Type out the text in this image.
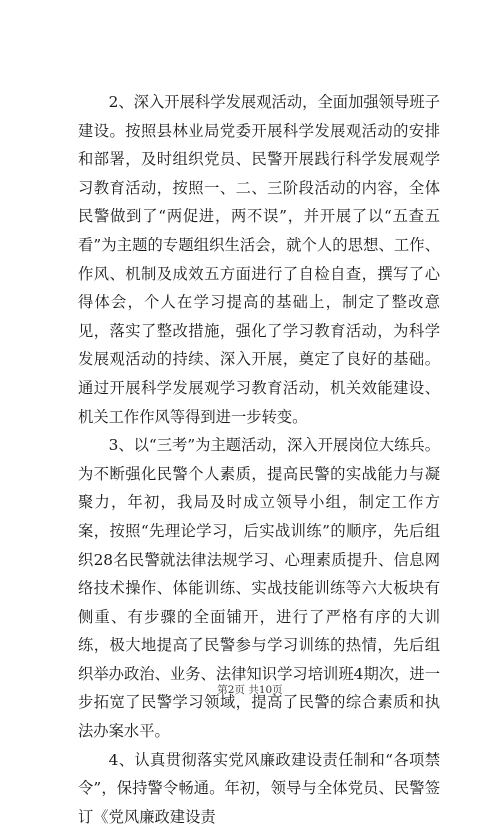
2、深入开展科学发展观活动，全面加强领导班子建设。按照县林业局党委开展科学发展观活动的安排和部署，及时组织党员、民警开展践行科学发展观学习教育活动，按照一、二、三阶段活动的内容，全体民警做到了“两促进，两不误”，并开展了以“五查五看”为主题的专题组织生活会，就个人的思想、工作、作风、机制及成效五方面进行了自检自查，撰写了心得体会，个人在学习提高的基础上，制定了整改意见，落实了整改措施，强化了学习教育活动，为科学发展观活动的持续、深入开展，奠定了良好的基础。通过开展科学发展观学习教育活动，机关效能建设、机关工作作风等得到进一步转变。

3、以“三考”为主题活动，深入开展岗位大练兵。为不断强化民警个人素质，提高民警的实战能力与凝聚力，年初，我局及时成立领导小组，制定工作方案，按照“先理论学习，后实战训练”的顺序，先后组织28名民警就法律法规学习、心理素质提升、信息网络技术操作、体能训练、实战技能训练等六大板块有侧重、有步骤的全面铺开，进行了严格有序的大训练，极大地提高了民警参与学习训练的热情，先后组织举办政治、业务、法律知识学习培训班4期次，进一步拓宽了民警学习领域，提高了民警的综合素质和执法办案水平。

4、认真贯彻落实党风廉政建设责任制和“各项禁令”，保持警令畅通。年初，领导与全体党员、民警签订《党风廉政建设责

第2页 共10页
